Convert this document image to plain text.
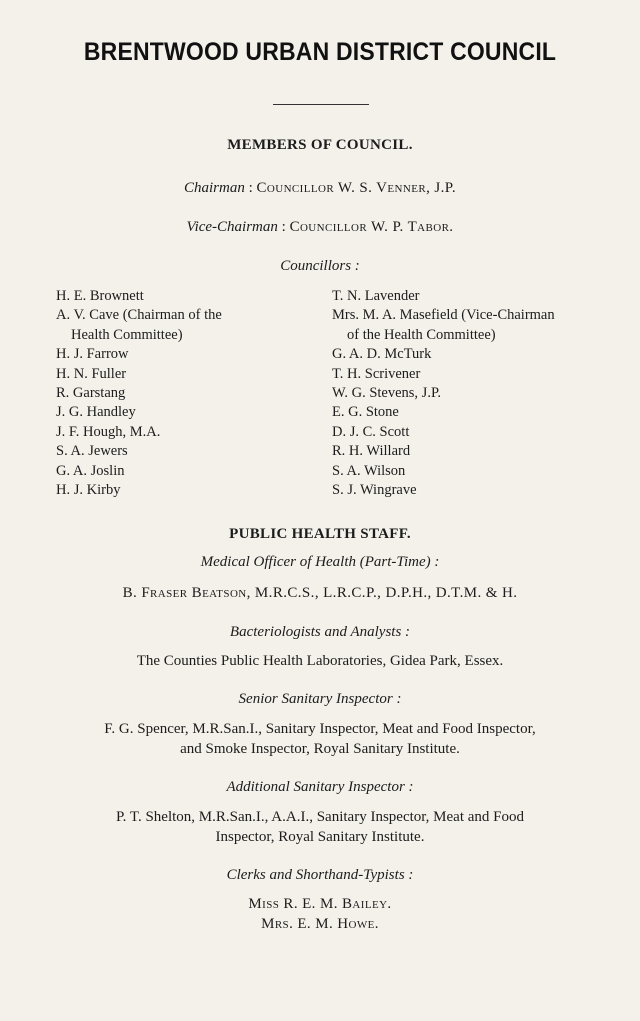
BRENTWOOD URBAN DISTRICT COUNCIL
MEMBERS OF COUNCIL.
Chairman : Councillor W. S. Venner, J.P.
Vice-Chairman : Councillor W. P. Tabor.
Councillors :
H. E. Brownett
A. V. Cave (Chairman of the
Health Committee)
H. J. Farrow
H. N. Fuller
R. Garstang
J. G. Handley
J. F. Hough, M.A.
S. A. Jewers
G. A. Joslin
H. J. Kirby
T. N. Lavender
Mrs. M. A. Masefield (Vice-Chairman
of the Health Committee)
G. A. D. McTurk
T. H. Scrivener
W. G. Stevens, J.P.
E. G. Stone
D. J. C. Scott
R. H. Willard
S. A. Wilson
S. J. Wingrave
PUBLIC HEALTH STAFF.
Medical Officer of Health (Part-Time) :
B. Fraser Beatson, M.R.C.S., L.R.C.P., D.P.H., D.T.M. & H.
Bacteriologists and Analysts :
The Counties Public Health Laboratories, Gidea Park, Essex.
Senior Sanitary Inspector :
F. G. Spencer, M.R.San.I., Sanitary Inspector, Meat and Food Inspector,
and Smoke Inspector, Royal Sanitary Institute.
Additional Sanitary Inspector :
P. T. Shelton, M.R.San.I., A.A.I., Sanitary Inspector, Meat and Food
Inspector, Royal Sanitary Institute.
Clerks and Shorthand-Typists :
Miss R. E. M. Bailey.
Mrs. E. M. Howe.
